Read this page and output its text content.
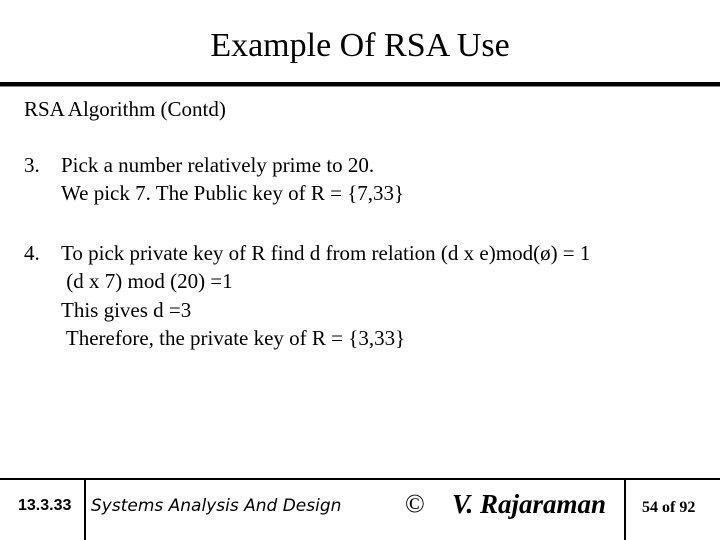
Example Of RSA Use
RSA Algorithm (Contd)
3. Pick a number relatively prime to 20.
We pick 7. The Public key of R = {7,33}
4. To pick private key of R find d from relation (d x e)mod(ø) = 1
(d x 7) mod (20) =1
This gives d =3
Therefore, the private key of R = {3,33}
13.3.33 Systems Analysis And Design © V. Rajaraman 54 of 92
